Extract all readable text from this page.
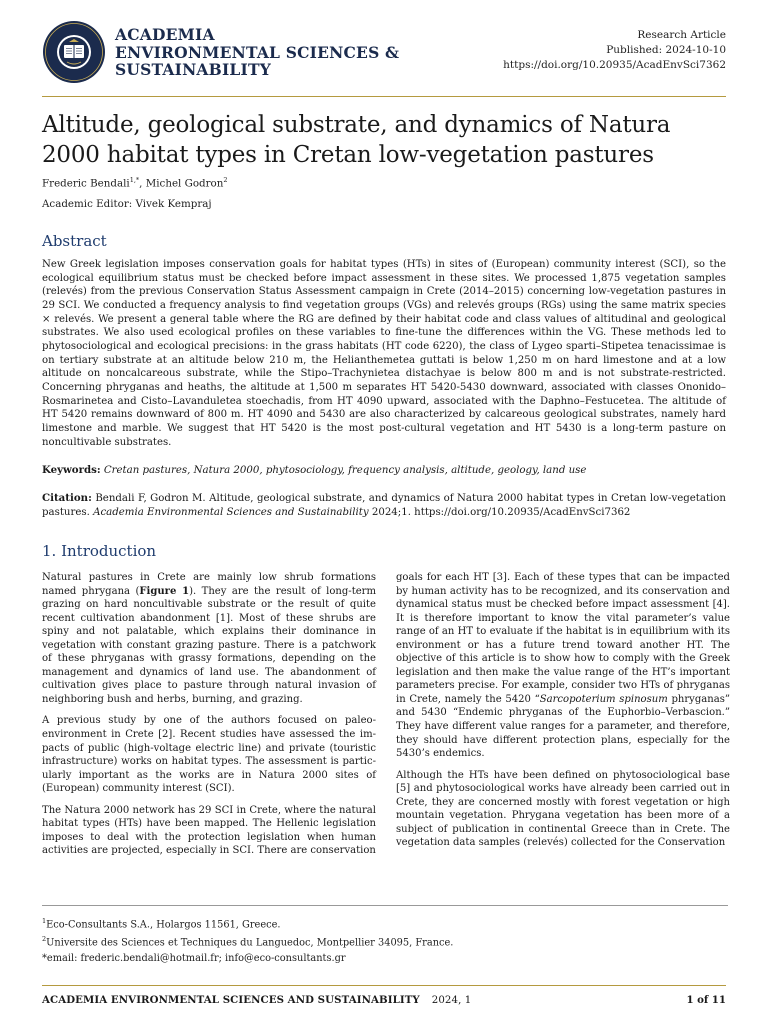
ACADEMIA
ENVIRONMENTAL SCIENCES &
SUSTAINABILITY
Research Article
Published: 2024-10-10
https://doi.org/10.20935/AcadEnvSci7362
Altitude, geological substrate, and dynamics of Natura 2000 habitat types in Cretan low-vegetation pastures
Frederic Bendali$^{1,*}$, Michel Godron$^2$
Academic Editor: Vivek Kempraj
Abstract

New Greek legislation imposes conservation goals for habitat types (HTs) in sites of (European) community interest (SCI), so the ecological equilibrium status must be checked before impact assessment in these sites. We processed 1,875 vegetation samples (relevés) from the previous Conservation Status Assessment campaign in Crete (2014–2015) concerning low-vegetation pastures in 29 SCI. We conducted a frequency analysis to find vegetation groups (VGs) and relevés groups (RGs) using the same matrix species × relevés. We present a general table where the RG are defined by their habitat code and class values of altitudinal and geological substrates. We also used ecological profiles on these variables to fine-tune the differences within the VG. These methods led to phytosociological and ecological precisions: in the grass habitats (HT code 6220), the class of Lygeo sparti–Stipetea tenacissimae is on tertiary substrate at an altitude below 210 m, the Helianthemetea guttati is below 1,250 m on hard limestone and at a low altitude on noncalcareous substrate, while the Stipo–Trachynietea distachyae is below 800 m and is not substrate-restricted. Concerning phryganas and heaths, the altitude at 1,500 m separates HT 5420-5430 downward, associated with classes Ononido–Rosmarinetea and Cisto–Lavanduletea stoechadis, from HT 4090 upward, associated with the Daphno–Festucetea. The altitude of HT 5420 remains downward of 800 m. HT 4090 and 5430 are also characterized by calcareous geological substrates, namely hard limestone and marble. We suggest that HT 5420 is the most post-cultural vegetation and HT 5430 is a long-term pasture on noncultivable substrates.

Keywords: Cretan pastures, Natura 2000, phytosociology, frequency analysis, altitude, geology, land use

Citation: Bendali F, Godron M. Altitude, geological substrate, and dynamics of Natura 2000 habitat types in Cretan low-vegetation pastures. Academia Environmental Sciences and Sustainability 2024;1. https://doi.org/10.20935/AcadEnvSci7362

1. Introduction

Natural pastures in Crete are mainly low shrub formations named phrygana (Figure 1). They are the result of long-term grazing on hard noncultivable substrate or the result of quite recent cultivation abandonment [1]. Most of these shrubs are spiny and not palatable, which explains their dominance in vegetation with constant grazing pasture. There is a patchwork of these phryganas with grassy formations, depending on the management and dynamics of land use. The abandonment of cultivation gives place to pasture through natural invasion of neighboring bush and herbs, burning, and grazing.

A previous study by one of the authors focused on paleo-environment in Crete [2]. Recent studies have assessed the im-pacts of public (high-voltage electric line) and private (touristic infrastructure) works on habitat types. The assessment is partic-ularly important as the works are in Natura 2000 sites of (European) community interest (SCI).

The Natura 2000 network has 29 SCI in Crete, where the natural habitat types (HTs) have been mapped. The Hellenic legislation imposes to deal with the protection legislation when human activities are projected, especially in SCI. There are conservation

goals for each HT [3]. Each of these types that can be impacted by human activity has to be recognized, and its conservation and dynamical status must be checked before impact assessment [4]. It is therefore important to know the vital parameter’s value range of an HT to evaluate if the habitat is in equilibrium with its environment or has a future trend toward another HT. The objective of this article is to show how to comply with the Greek legislation and then make the value range of the HT’s important parameters precise. For example, consider two HTs of phryganas in Crete, namely the 5420 “Sarcopoterium spinosum phryganas” and 5430 “Endemic phryganas of the Euphorbio–Verbascion.” They have different value ranges for a parameter, and therefore, they should have different protection plans, especially for the 5430’s endemics.

Although the HTs have been defined on phytosociological base [5] and phytosociological works have already been carried out in Crete, they are concerned mostly with forest vegetation or high mountain vegetation. Phrygana vegetation has been more of a subject of publication in continental Greece than in Crete. The vegetation data samples (relevés) collected for the Conservation

$^1$Eco-Consultants S.A., Holargos 11561, Greece.
$^2$Universite des Sciences et Techniques du Languedoc, Montpellier 34095, France.
*email: frederic.bendali@hotmail.fr; info@eco-consultants.gr
ACADEMIA ENVIRONMENTAL SCIENCES AND SUSTAINABILITY 2024, 1	1 of 11
